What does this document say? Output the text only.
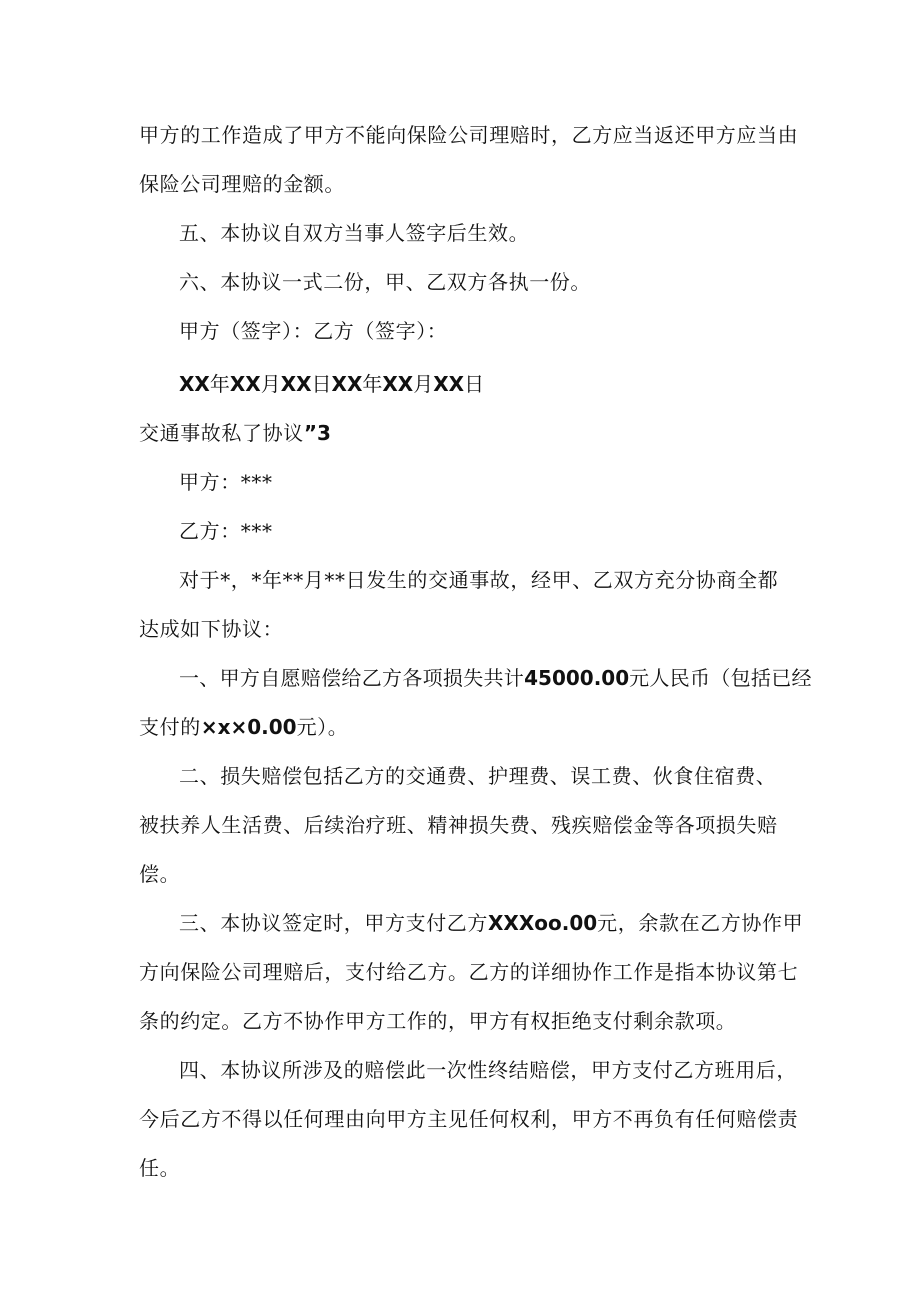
甲方的工作造成了甲方不能向保险公司理赔时，乙方应当返还甲方应当由
保险公司理赔的金额。
五、本协议自双方当事人签字后生效。
六、本协议一式二份，甲、乙双方各执一份。
甲方（签字）：乙方（签字）：
XX年XX月XX日XX年XX月XX日
交通事故私了协议”3
甲方：***
乙方：***
对于*，*年**月**日发生的交通事故，经甲、乙双方充分协商全都
达成如下协议：
一、甲方自愿赔偿给乙方各项损失共计45000.00元人民币（包括已经
支付的×x×0.00元）。
二、损失赔偿包括乙方的交通费、护理费、误工费、伙食住宿费、
被扶养人生活费、后续治疗班、精神损失费、残疾赔偿金等各项损失赔
偿。
三、本协议签定时，甲方支付乙方XXXoo.00元，余款在乙方协作甲
方向保险公司理赔后，支付给乙方。乙方的详细协作工作是指本协议第七
条的约定。乙方不协作甲方工作的，甲方有权拒绝支付剩余款项。
四、本协议所涉及的赔偿此一次性终结赔偿，甲方支付乙方班用后，
今后乙方不得以任何理由向甲方主见任何权利，甲方不再负有任何赔偿责
任。
